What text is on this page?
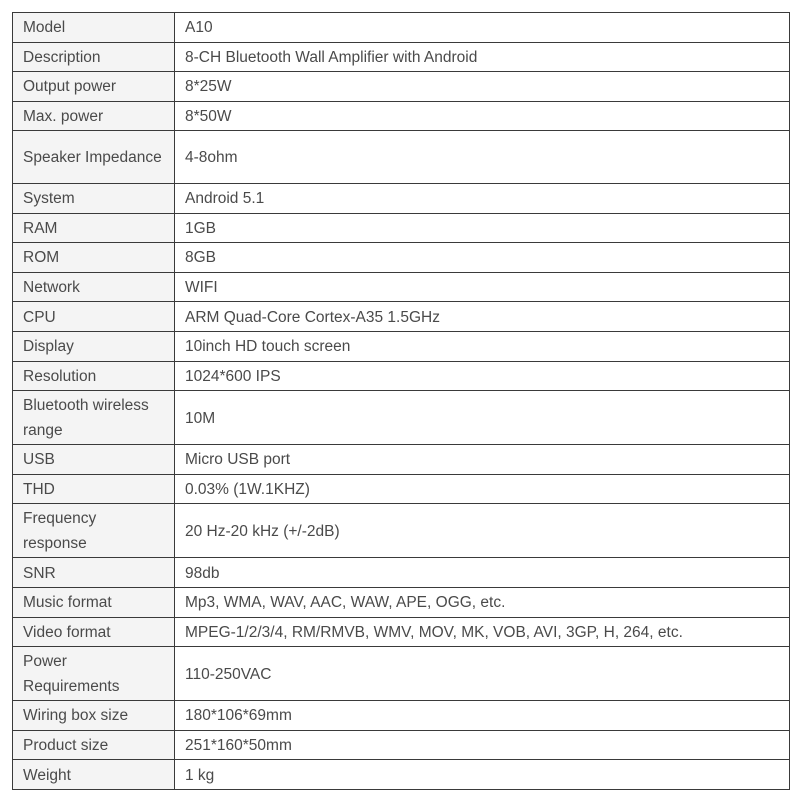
Model	A10
Description	8-CH Bluetooth Wall Amplifier with Android
Output power	8*25W
Max. power	8*50W
Speaker Impedance	4-8ohm
System	Android 5.1
RAM	1GB
ROM	8GB
Network	WIFI
CPU	ARM Quad-Core Cortex-A35 1.5GHz
Display	10inch HD touch screen
Resolution	1024*600 IPS
Bluetooth wireless range	10M
USB	Micro USB port
THD	0.03% (1W.1KHZ)
Frequency response	20 Hz-20 kHz (+/-2dB)
SNR	98db
Music format	Mp3, WMA, WAV, AAC, WAW, APE, OGG, etc.
Video format	MPEG-1/2/3/4, RM/RMVB, WMV, MOV, MK, VOB, AVI, 3GP, H, 264, etc.
Power Requirements	110-250VAC
Wiring box size	180*106*69mm
Product size	251*160*50mm
Weight	1 kg
